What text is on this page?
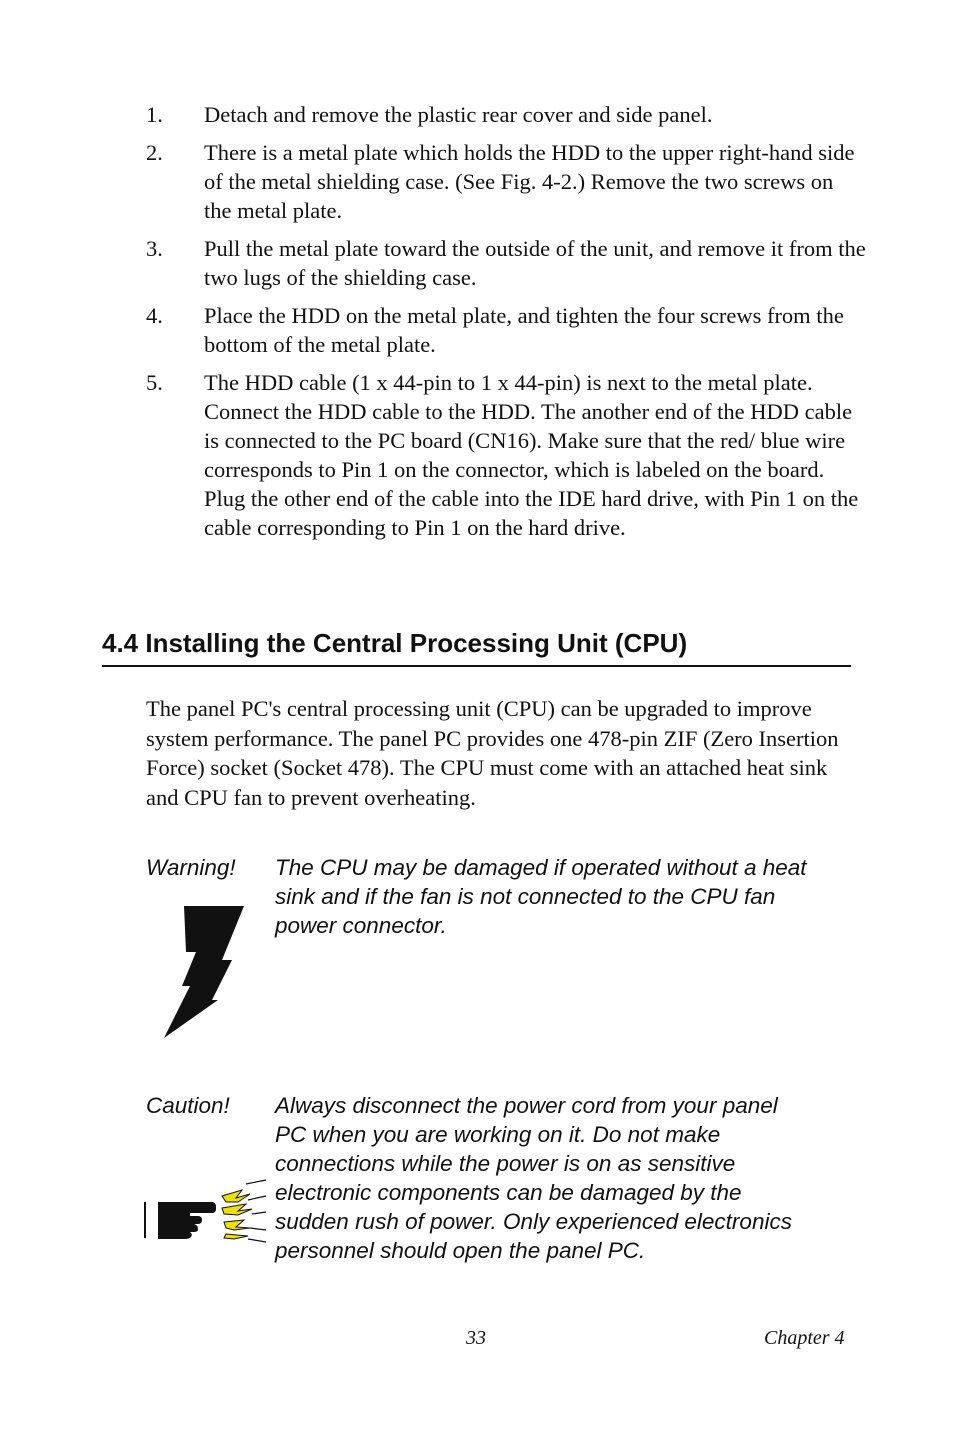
1. Detach and remove the plastic rear cover and side panel.
2. There is a metal plate which holds the HDD to the upper right-hand side of the metal shielding case. (See Fig. 4-2.) Remove the two screws on the metal plate.
3. Pull the metal plate toward the outside of the unit, and remove it from the two lugs of the shielding case.
4. Place the HDD on the metal plate, and tighten the four screws from the bottom of the metal plate.
5. The HDD cable (1 x 44-pin to 1 x 44-pin) is next to the metal plate. Connect the HDD cable to the HDD. The another end of the HDD cable is connected to the PC board (CN16). Make sure that the red/ blue wire corresponds to Pin 1 on the connector, which is labeled on the board. Plug the other end of the cable into the IDE hard drive, with Pin 1 on the cable corresponding to Pin 1 on the hard drive.
4.4 Installing the Central Processing Unit (CPU)
The panel PC's central processing unit (CPU) can be upgraded to improve system performance. The panel PC provides one 478-pin ZIF (Zero Insertion Force) socket (Socket 478). The CPU must come with an attached heat sink and CPU fan to prevent overheating.
Warning! The CPU may be damaged if operated without a heat sink and if the fan is not connected to the CPU fan power connector.
Caution! Always disconnect the power cord from your panel PC when you are working on it. Do not make connections while the power is on as sensitive electronic components can be damaged by the sudden rush of power. Only experienced electronics personnel should open the panel PC.
33	Chapter 4
